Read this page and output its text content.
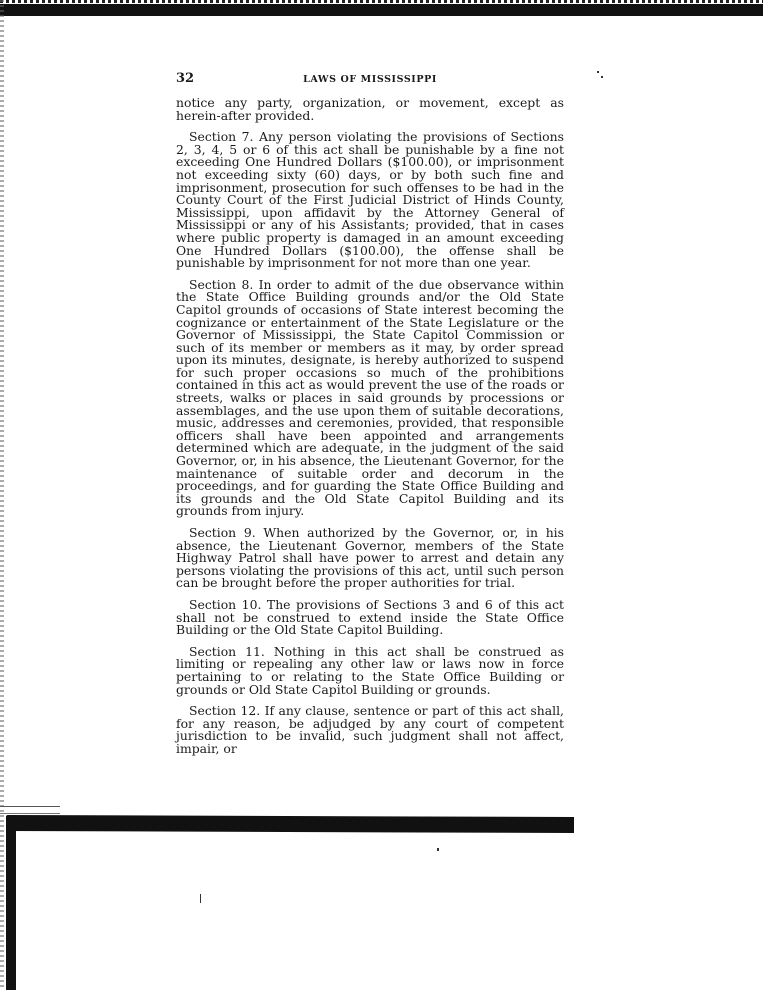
32	LAWS OF MISSISSIPPI

notice any party, organization, or movement, except as herein-after provided.

Section 7. Any person violating the provisions of Sections 2, 3, 4, 5 or 6 of this act shall be punishable by a fine not exceeding One Hundred Dollars ($100.00), or imprisonment not exceeding sixty (60) days, or by both such fine and imprisonment, prosecution for such offenses to be had in the County Court of the First Judicial District of Hinds County, Mississippi, upon affidavit by the Attorney General of Mississippi or any of his Assistants; provided, that in cases where public property is damaged in an amount exceeding One Hundred Dollars ($100.00), the offense shall be punishable by imprisonment for not more than one year.

Section 8. In order to admit of the due observance within the State Office Building grounds and/or the Old State Capitol grounds of occasions of State interest becoming the cognizance or entertainment of the State Legislature or the Governor of Mississippi, the State Capitol Commission or such of its member or members as it may, by order spread upon its minutes, designate, is hereby authorized to suspend for such proper occasions so much of the prohibitions contained in this act as would prevent the use of the roads or streets, walks or places in said grounds by processions or assemblages, and the use upon them of suitable decorations, music, addresses and ceremonies, provided, that responsible officers shall have been appointed and arrangements determined which are adequate, in the judgment of the said Governor, or, in his absence, the Lieutenant Governor, for the maintenance of suitable order and decorum in the proceedings, and for guarding the State Office Building and its grounds and the Old State Capitol Building and its grounds from injury.

Section 9. When authorized by the Governor, or, in his absence, the Lieutenant Governor, members of the State Highway Patrol shall have power to arrest and detain any persons violating the provisions of this act, until such person can be brought before the proper authorities for trial.

Section 10. The provisions of Sections 3 and 6 of this act shall not be construed to extend inside the State Office Building or the Old State Capitol Building.

Section 11. Nothing in this act shall be construed as limiting or repealing any other law or laws now in force pertaining to or relating to the State Office Building or grounds or Old State Capitol Building or grounds.

Section 12. If any clause, sentence or part of this act shall, for any reason, be adjudged by any court of competent jurisdiction to be invalid, such judgment shall not affect, impair, or
